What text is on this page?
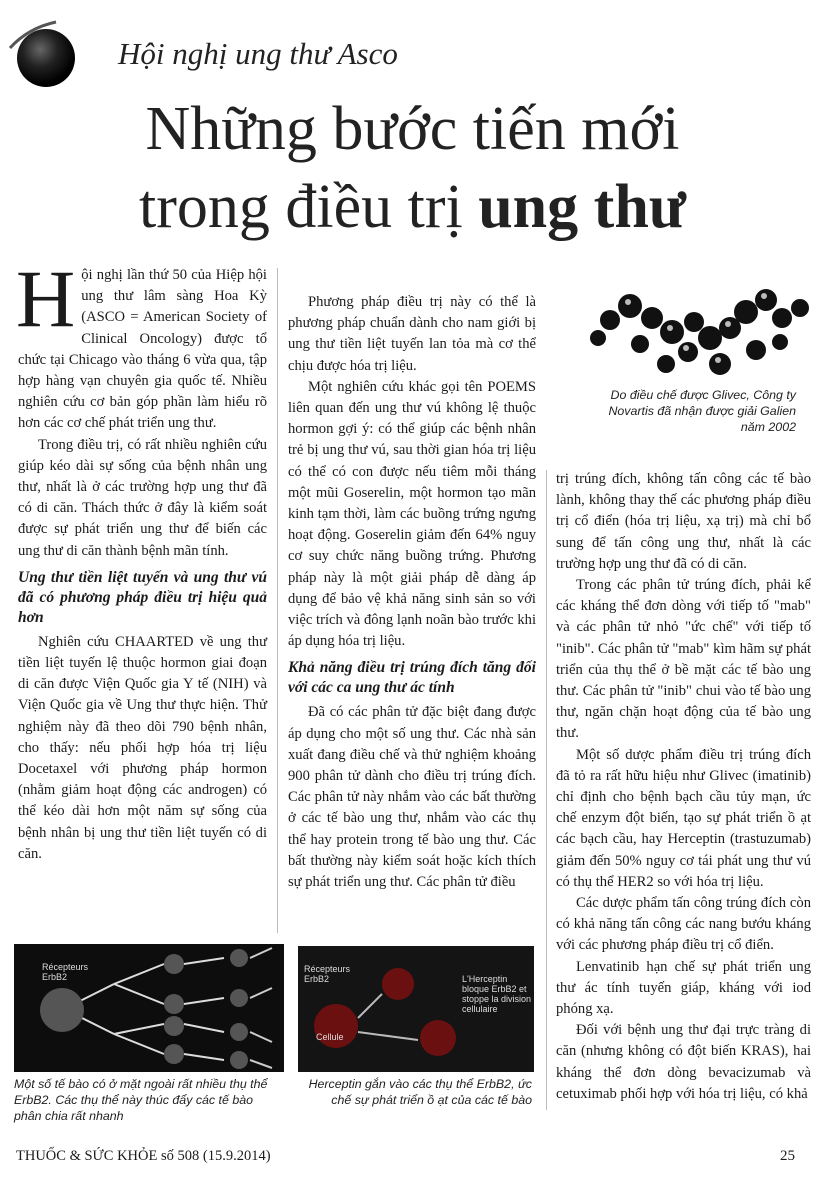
Hội nghị ung thư Asco
Những bước tiến mới
trong điều trị ung thư

Hội nghị lần thứ 50 của Hiệp hội ung thư lâm sàng Hoa Kỳ (ASCO = American Society of Clinical Oncology) được tổ chức tại Chicago vào tháng 6 vừa qua, tập hợp hàng vạn chuyên gia quốc tế. Nhiều nghiên cứu cơ bản góp phần làm hiểu rõ hơn các cơ chế phát triển ung thư.

Trong điều trị, có rất nhiều nghiên cứu giúp kéo dài sự sống của bệnh nhân ung thư, nhất là ở các trường hợp ung thư đã có di căn. Thách thức ở đây là kiểm soát được sự phát triển ung thư để biến các ung thư di căn thành bệnh mãn tính.

Ung thư tiền liệt tuyến và ung thư vú đã có phương pháp điều trị hiệu quả hơn

Nghiên cứu CHAARTED về ung thư tiền liệt tuyến lệ thuộc hormon giai đoạn di căn được Viện Quốc gia Y tế (NIH) và Viện Quốc gia về Ung thư thực hiện. Thử nghiệm này đã theo dõi 790 bệnh nhân, cho thấy: nếu phối hợp hóa trị liệu Docetaxel với phương pháp hormon (nhằm giảm hoạt động các androgen) có thể kéo dài hơn một năm sự sống của bệnh nhân bị ung thư tiền liệt tuyến có di căn.

Phương pháp điều trị này có thể là phương pháp chuẩn dành cho nam giới bị ung thư tiền liệt tuyến lan tỏa mà cơ thể chịu được hóa trị liệu.

Một nghiên cứu khác gọi tên POEMS liên quan đến ung thư vú không lệ thuộc hormon gợi ý: có thể giúp các bệnh nhân trẻ bị ung thư vú, sau thời gian hóa trị liệu có thể có con được nếu tiêm mỗi tháng một mũi Goserelin, một hormon tạo mãn kinh tạm thời, làm các buồng trứng ngưng hoạt động. Goserelin giảm đến 64% nguy cơ suy chức năng buồng trứng. Phương pháp này là một giải pháp dễ dàng áp dụng để bảo vệ khả năng sinh sản so với việc trích và đông lạnh noãn bào trước khi áp dụng hóa trị liệu.

Khả năng điều trị trúng đích tăng đối với các ca ung thư ác tính

Đã có các phân tử đặc biệt đang được áp dụng cho một số ung thư. Các nhà sản xuất đang điều chế và thử nghiệm khoảng 900 phân tử dành cho điều trị trúng đích. Các phân tử này nhắm vào các bất thường ở các tế bào ung thư, nhắm vào các thụ thể hay protein trong tế bào ung thư. Các bất thường này kiểm soát hoặc kích thích sự phát triển ung thư. Các phân tử điều

Do điều chế được Glivec, Công ty Novartis đã nhận được giải Galien năm 2002

trị trúng đích, không tấn công các tế bào lành, không thay thế các phương pháp điều trị cổ điển (hóa trị liệu, xạ trị) mà chỉ bổ sung để tấn công ung thư, nhất là các trường hợp ung thư đã có di căn.

Trong các phân tử trúng đích, phải kể các kháng thể đơn dòng với tiếp tố "mab" và các phân tử nhỏ "ức chế" với tiếp tố "inib". Các phân tử "mab" kìm hãm sự phát triển của thụ thể ở bề mặt các tế bào ung thư. Các phân tử "inib" chui vào tế bào ung thư, ngăn chặn hoạt động của tế bào ung thư.

Một số dược phẩm điều trị trúng đích đã tỏ ra rất hữu hiệu như Glivec (imatinib) chỉ định cho bệnh bạch cầu tủy mạn, ức chế enzym đột biến, tạo sự phát triển ồ ạt các bạch cầu, hay Herceptin (trastuzumab) giảm đến 50% nguy cơ tái phát ung thư vú có thụ thể HER2 so với hóa trị liệu.

Các dược phẩm tấn công trúng đích còn có khả năng tấn công các nang bướu kháng với các phương pháp điều trị cổ điển.

Lenvatinib hạn chế sự phát triển ung thư ác tính tuyến giáp, kháng với iod phóng xạ.

Đối với bệnh ung thư đại trực tràng di căn (nhưng không có đột biến KRAS), hai kháng thể đơn dòng bevacizumab và cetuximab phối hợp với hóa trị liệu, có khả

Récepteurs ErbB2
Một số tế bào có ở mặt ngoài rất nhiều thụ thể ErbB2. Các thụ thể này thúc đẩy các tế bào phân chia rất nhanh
Récepteurs ErbB2
Cellule
L'Herceptin bloque ErbB2 et stoppe la division cellulaire
Herceptin gắn vào các thụ thể ErbB2, ức chế sự phát triển ồ ạt của các tế bào
THUỐC & SỨC KHỎE số 508 (15.9.2014)	25
